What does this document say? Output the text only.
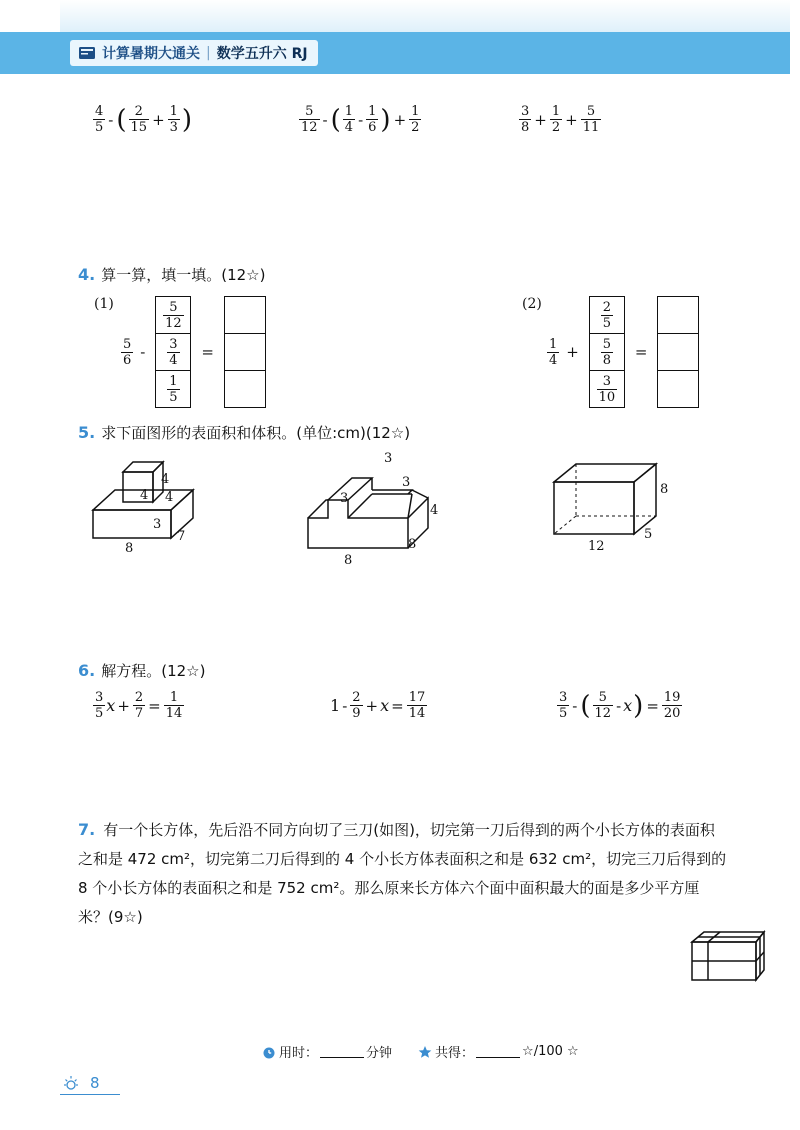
计算暑期大通关 | 数学五升六 RJ
$\frac{4}{5}$ - ( $\frac{2}{15} + \frac{1}{3}$ )	$\frac{5}{12}$ - ( $\frac{1}{4} - \frac{1}{6}$ ) + $\frac{1}{2}$	$\frac{3}{8} + \frac{1}{2} + \frac{5}{11}$
4. 算一算，填一填。(12☆)
(1)
$\frac{5}{6}$ -
$\frac{5}{12}$
$\frac{3}{4}$
$\frac{1}{5}$
=
(2)
$\frac{1}{4}$ +
$\frac{2}{5}$
$\frac{5}{8}$
$\frac{3}{10}$
=
5. 求下面图形的表面积和体积。(单位:cm)(12☆)
4
4
4
3
8
7
3
3
3
4
8
8
8
5
12
6. 解方程。(12☆)
$\frac{3}{5}$ $x + \frac{2}{7} = \frac{1}{14}$	$1 - \frac{2}{9} + x = \frac{17}{14}$	$\frac{3}{5}$ - ( $\frac{5}{12}$ - x ) = $\frac{19}{20}$
7. 有一个长方体，先后沿不同方向切了三刀(如图)，切完第一刀后得到的两个小长方体的表面积
之和是 472 cm²，切完第二刀后得到的 4 个小长方体表面积之和是 632 cm²，切完三刀后得到的
8 个小长方体的表面积之和是 752 cm²。那么原来长方体六个面中面积最大的面是多少平方厘
米？(9☆)
用时：	分钟	共得：	☆/100 ☆
8
